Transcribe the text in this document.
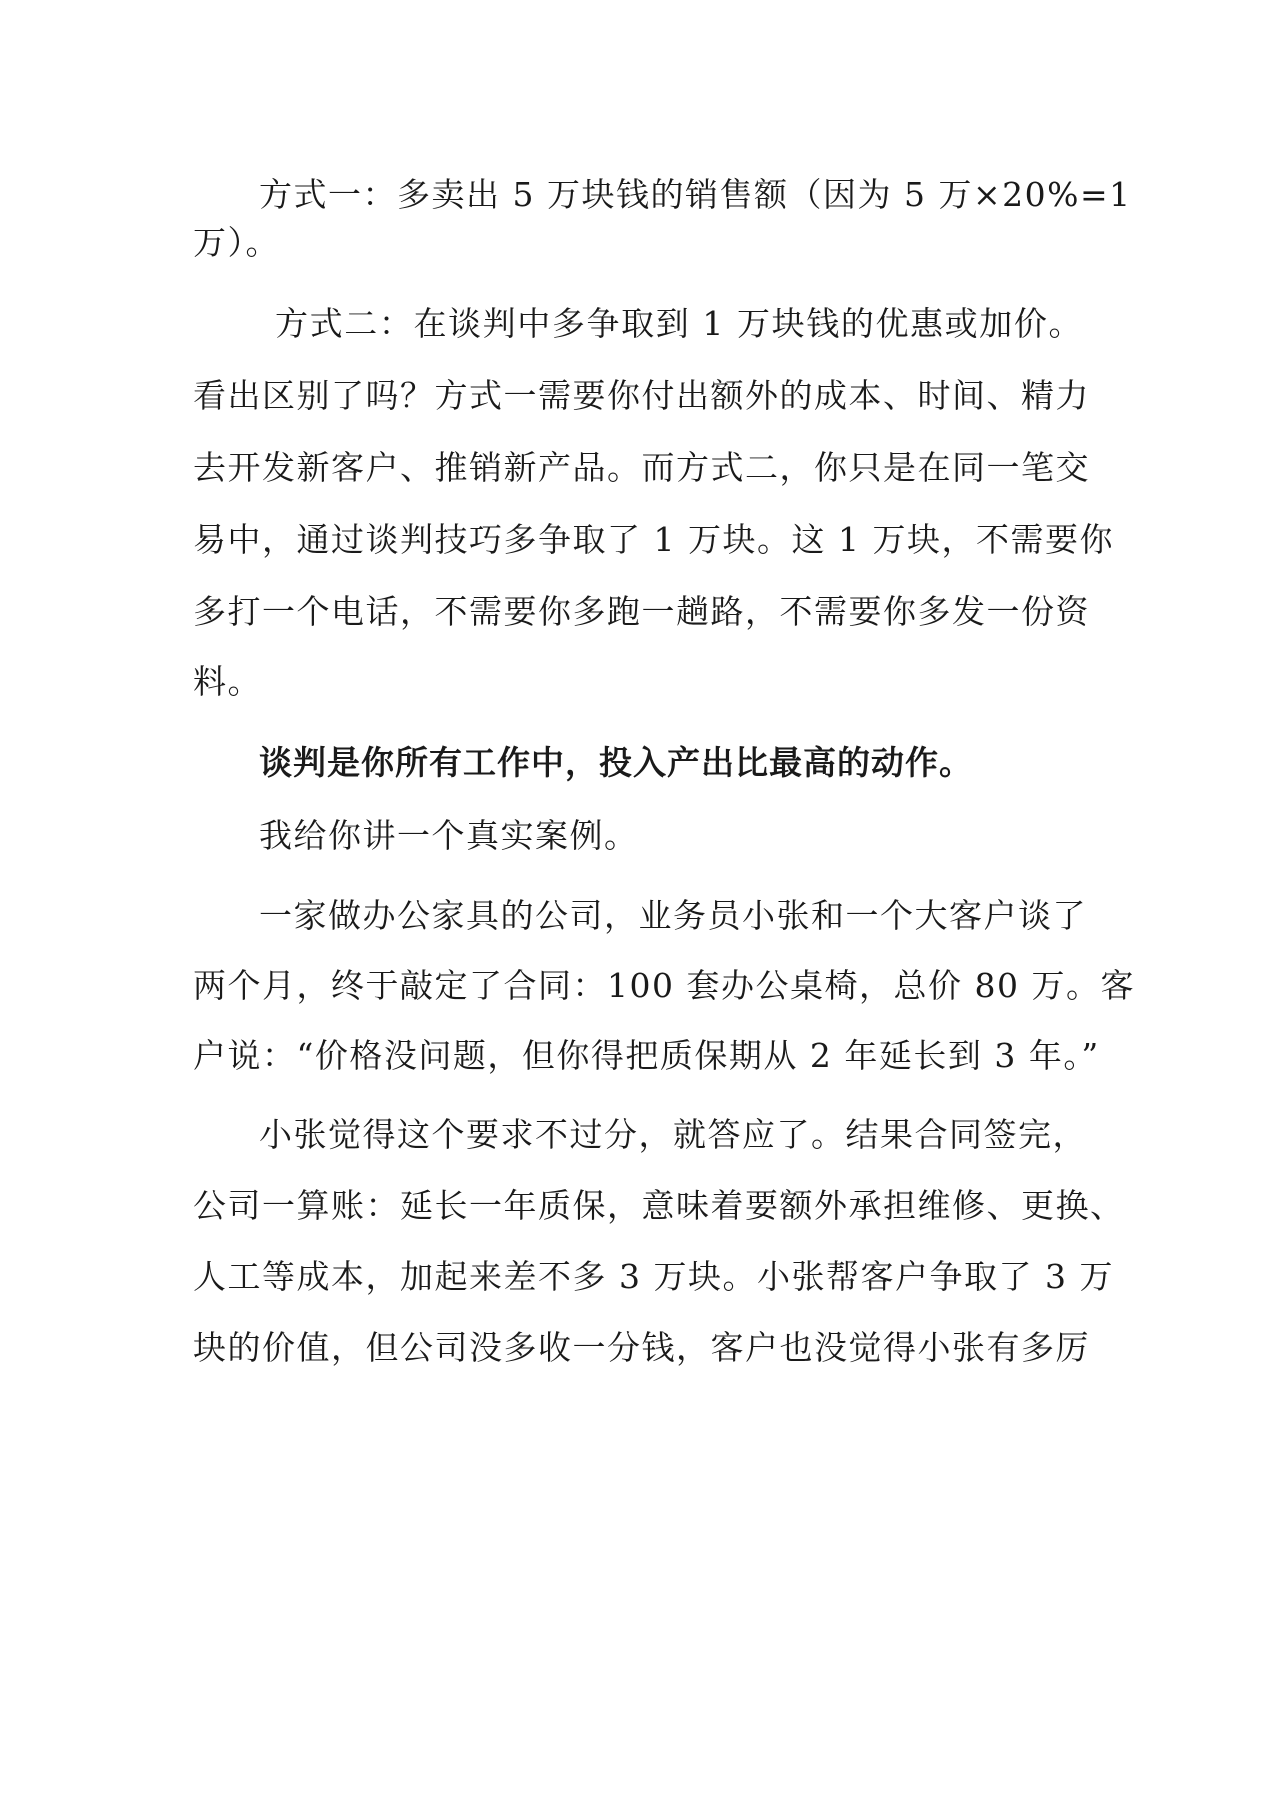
方式一：多卖出 5 万块钱的销售额（因为 5 万×20%=1
万）。
方式二：在谈判中多争取到 1 万块钱的优惠或加价。
看出区别了吗？方式一需要你付出额外的成本、时间、精力
去开发新客户、推销新产品。而方式二，你只是在同一笔交
易中，通过谈判技巧多争取了 1 万块。这 1 万块，不需要你
多打一个电话，不需要你多跑一趟路，不需要你多发一份资
料。
谈判是你所有工作中，投入产出比最高的动作。
我给你讲一个真实案例。
一家做办公家具的公司，业务员小张和一个大客户谈了
两个月，终于敲定了合同：100 套办公桌椅，总价 80 万。客
户说：“价格没问题，但你得把质保期从 2 年延长到 3 年。”
小张觉得这个要求不过分，就答应了。结果合同签完，
公司一算账：延长一年质保，意味着要额外承担维修、更换、
人工等成本，加起来差不多 3 万块。小张帮客户争取了 3 万
块的价值，但公司没多收一分钱，客户也没觉得小张有多厉
